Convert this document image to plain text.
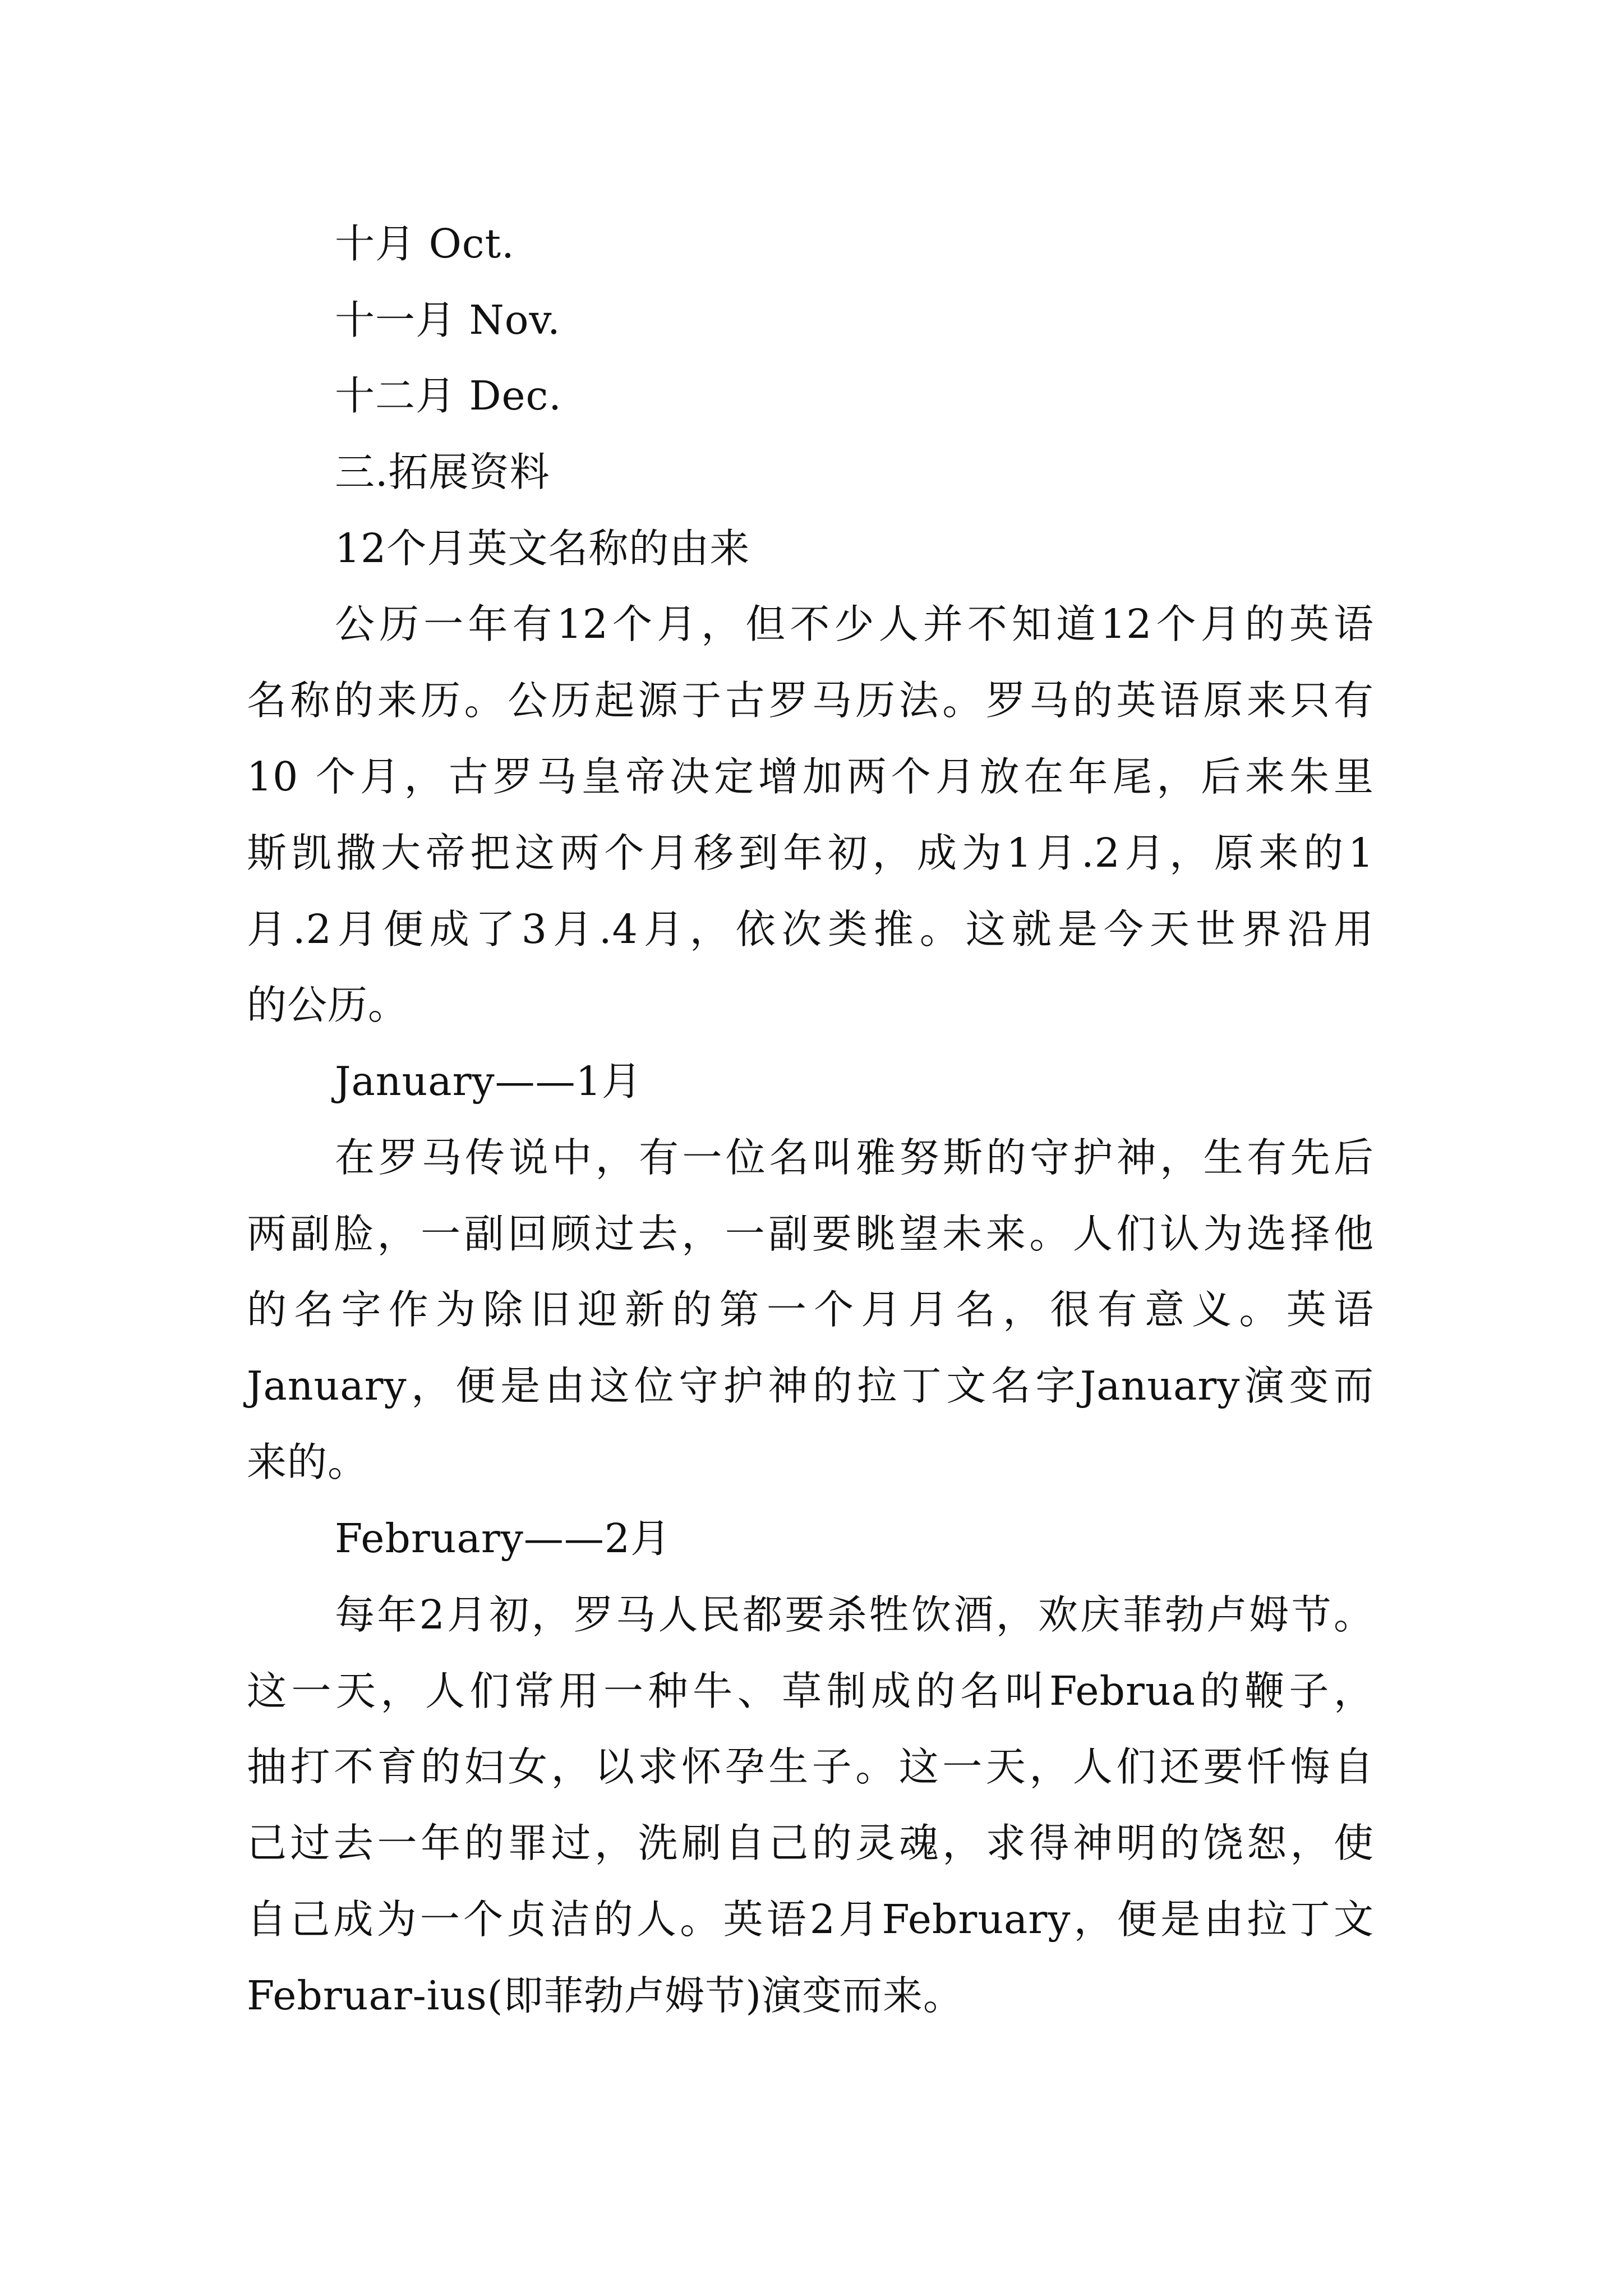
十月 Oct.
十一月 Nov.
十二月 Dec.
三.拓展资料
12个月英文名称的由来
公历一年有12个月，但不少人并不知道12个月的英语
名称的来历。公历起源于古罗马历法。罗马的英语原来只有
10 个月，古罗马皇帝决定增加两个月放在年尾，后来朱里
斯凯撒大帝把这两个月移到年初，成为1月.2月，原来的1
月.2月便成了3月.4月，依次类推。这就是今天世界沿用
的公历。
January——1月
在罗马传说中，有一位名叫雅努斯的守护神，生有先后
两副脸，一副回顾过去，一副要眺望未来。人们认为选择他
的名字作为除旧迎新的第一个月月名，很有意义。英语
January，便是由这位守护神的拉丁文名字January演变而
来的。
February——2月
每年2月初，罗马人民都要杀牲饮酒，欢庆菲勃卢姆节。
这一天，人们常用一种牛、草制成的名叫Februa的鞭子，
抽打不育的妇女，以求怀孕生子。这一天，人们还要忏悔自
己过去一年的罪过，洗刷自己的灵魂，求得神明的饶恕，使
自己成为一个贞洁的人。英语2月February，便是由拉丁文
Februar-ius(即菲勃卢姆节)演变而来。
